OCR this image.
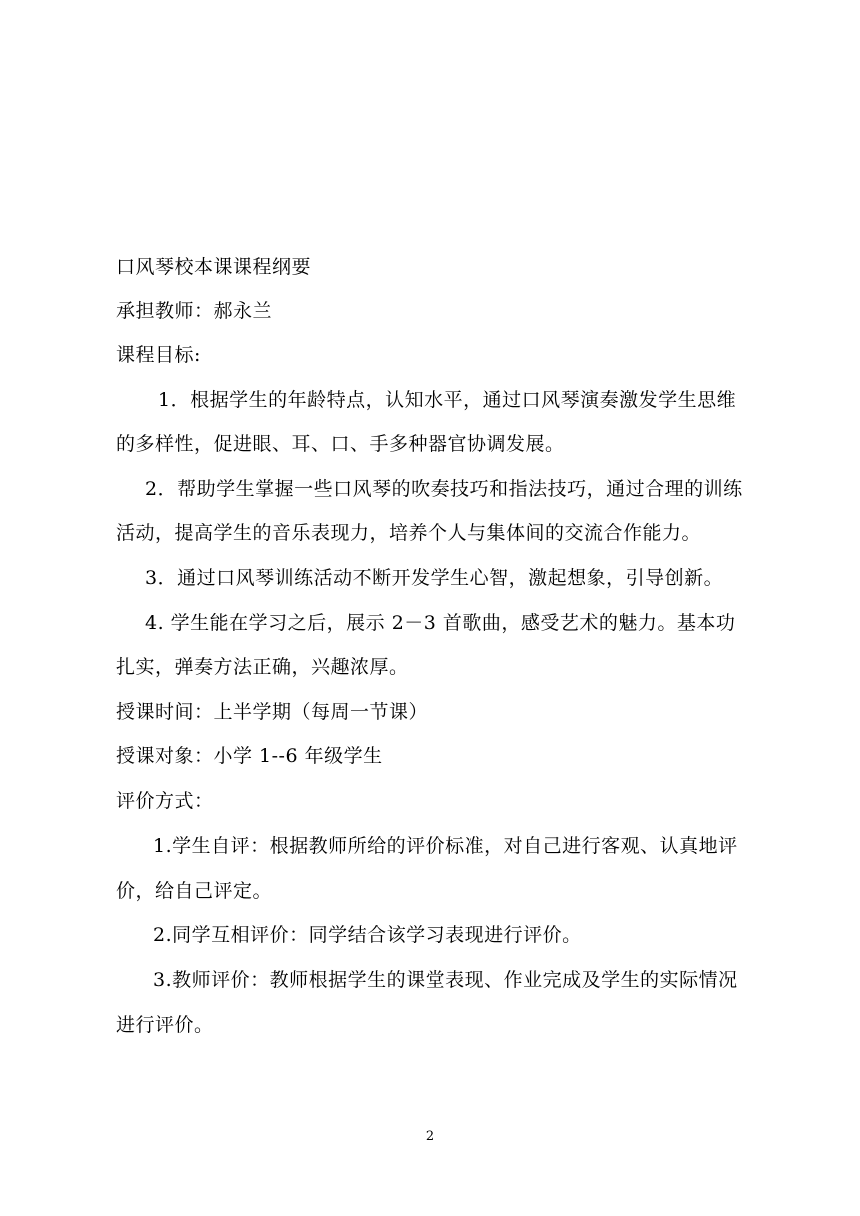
口风琴校本课课程纲要
承担教师：郝永兰
课程目标:
1．根据学生的年龄特点，认知水平，通过口风琴演奏激发学生思维
的多样性，促进眼、耳、口、手多种器官协调发展。
2．帮助学生掌握一些口风琴的吹奏技巧和指法技巧，通过合理的训练
活动，提高学生的音乐表现力，培养个人与集体间的交流合作能力。
3．通过口风琴训练活动不断开发学生心智，激起想象，引导创新。
4. 学生能在学习之后，展示 2－3 首歌曲，感受艺术的魅力。基本功
扎实，弹奏方法正确，兴趣浓厚。
授课时间：上半学期（每周一节课）
授课对象：小学 1--6 年级学生
评价方式：
1.学生自评：根据教师所给的评价标准，对自己进行客观、认真地评
价，给自己评定。
2.同学互相评价：同学结合该学习表现进行评价。
3.教师评价：教师根据学生的课堂表现、作业完成及学生的实际情况
进行评价。
2
